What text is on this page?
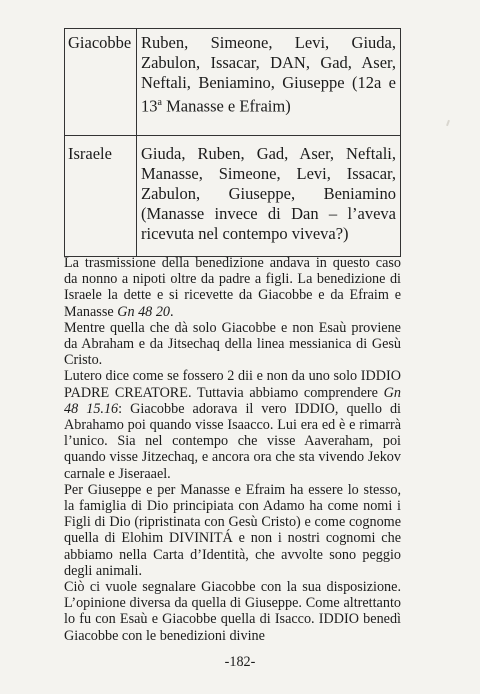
Giacobbe	Ruben, Simeone, Levi, Giuda, Zabulon, Issacar, DAN, Gad, Aser, Neftali, Beniamino, Giuseppe (12a e 13$^a$ Manasse e Efraim)
Israele	Giuda, Ruben, Gad, Aser, Neftali, Manasse, Simeone, Levi, Issacar, Zabulon, Giuseppe, Beniamino (Manasse invece di Dan – l’aveva ricevuta nel contempo viveva?)

La trasmissione della benedizione andava in questo caso da nonno a nipoti oltre da padre a figli. La benedizione di Israele la dette e si ricevette da Giacobbe e da Efraim e Manasse Gn 48 20.

Mentre quella che dà solo Giacobbe e non Esaù proviene da Abraham e da Jitsechaq della linea messianica di Gesù Cristo.

Lutero dice come se fossero 2 dii e non da uno solo IDDIO PADRE CREATORE. Tuttavia abbiamo comprendere Gn 48 15.16: Giacobbe adorava il vero IDDIO, quello di Abrahamo poi quando visse Isaacco. Lui era ed è e rimarrà l’unico. Sia nel contempo che visse Aaveraham, poi quando visse Jitzechaq, e ancora ora che sta vivendo Jekov carnale e Jiseraael.

Per Giuseppe e per Manasse e Efraim ha essere lo stesso, la famiglia di Dio principiata con Adamo ha come nomi i Figli di Dio (ripristinata con Gesù Cristo) e come cognome quella di Elohim DIVINITÁ e non i nostri cognomi che abbiamo nella Carta d’Identità, che avvolte sono peggio degli animali.

Ciò ci vuole segnalare Giacobbe con la sua disposizione. L’opinione diversa da quella di Giuseppe. Come altrettanto lo fu con Esaù e Giacobbe quella di Isacco. IDDIO benedì Giacobbe con le benedizioni divine

-182-
